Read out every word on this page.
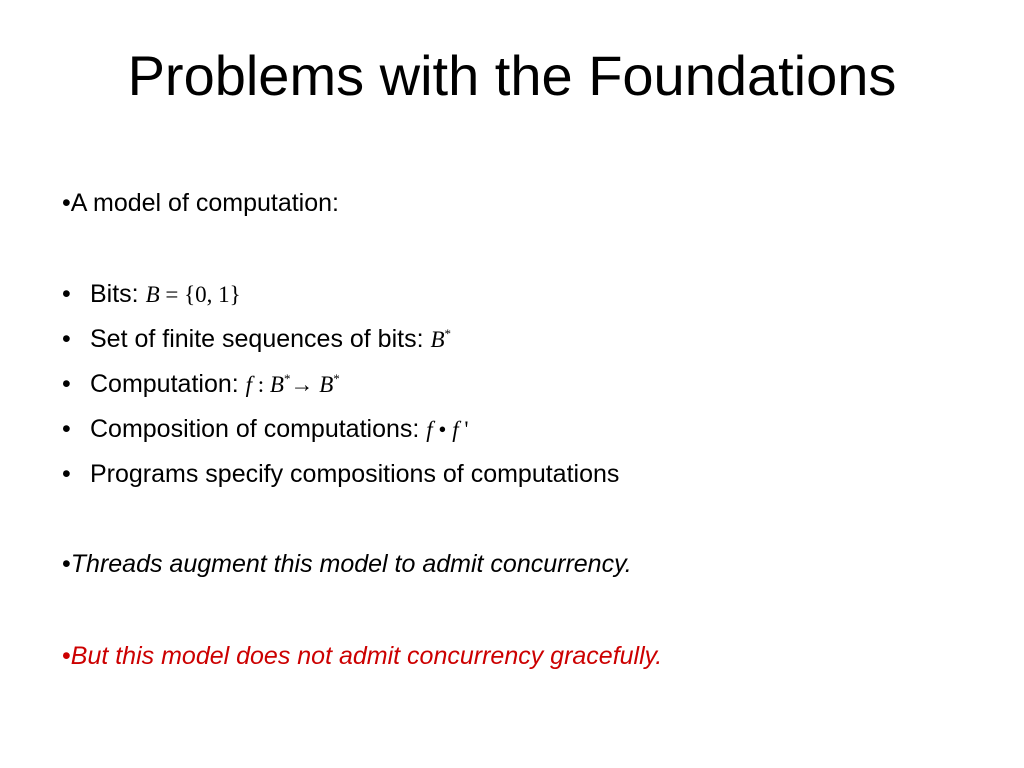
Problems with the Foundations
•A model of computation:
• Bits: B = {0, 1}
• Set of finite sequences of bits: B*
• Computation: f : B*→ B*
• Composition of computations: f • f '
• Programs specify compositions of computations
•Threads augment this model to admit concurrency.
•But this model does not admit concurrency gracefully.
